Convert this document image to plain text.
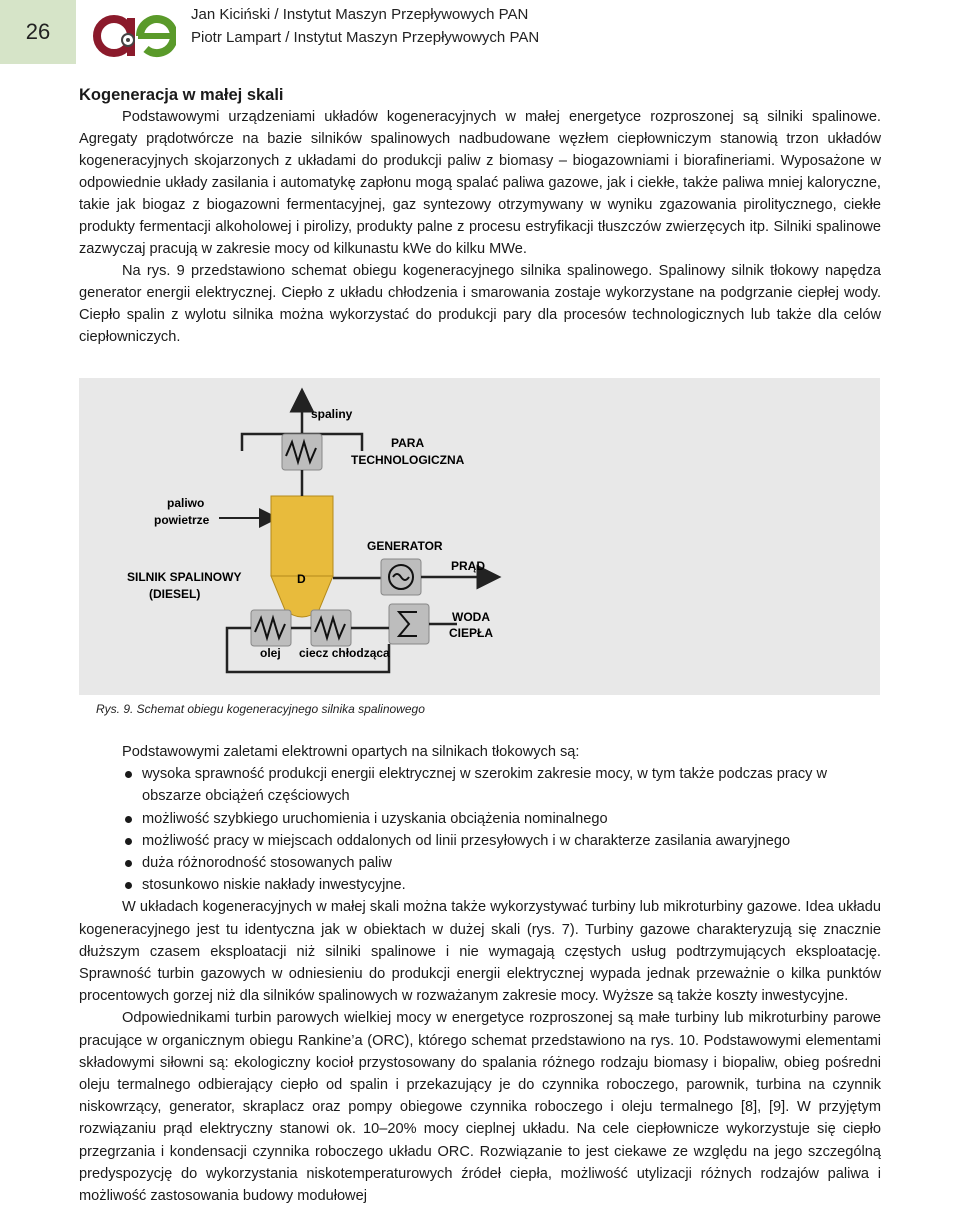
26
Jan Kiciński / Instytut Maszyn Przepływowych PAN
Piotr Lampart / Instytut Maszyn Przepływowych PAN
Kogeneracja w małej skali

Podstawowymi urządzeniami układów kogeneracyjnych w małej energetyce rozproszonej są silniki spalinowe. Agregaty prądotwórcze na bazie silników spalinowych nadbudowane węzłem ciepłowniczym stanowią trzon układów kogeneracyjnych skojarzonych z układami do produkcji paliw z biomasy – biogazowniami i biorafineriami. Wyposażone w odpowiednie układy zasilania i automatykę zapłonu mogą spalać paliwa gazowe, jak i ciekłe, także paliwa mniej kaloryczne, takie jak biogaz z biogazowni fermentacyjnej, gaz syntezowy otrzymywany w wyniku zgazowania pirolitycznego, ciekłe produkty fermentacji alkoholowej i pirolizy, produkty palne z procesu estryfikacji tłuszczów zwierzęcych itp. Silniki spalinowe zazwyczaj pracują w zakresie mocy od kilkunastu kWe do kilku MWe.

Na rys. 9 przedstawiono schemat obiegu kogeneracyjnego silnika spalinowego. Spalinowy silnik tłokowy napędza generator energii elektrycznej. Ciepło z układu chłodzenia i smarowania zostaje wykorzystane na podgrzanie ciepłej wody. Ciepło spalin z wylotu silnika można wykorzystać do produkcji pary dla procesów technologicznych lub także dla celów ciepłowniczych.

spaliny
PARA
TECHNOLOGICZNA
paliwo
powietrze
GENERATOR
PRĄD
SILNIK SPALINOWY
(DIESEL)
D
WODA
CIEPŁA
olej ciecz chłodząca
Rys. 9. Schemat obiegu kogeneracyjnego silnika spalinowego

Podstawowymi zaletami elektrowni opartych na silnikach tłokowych są:

wysoka sprawność produkcji energii elektrycznej w szerokim zakresie mocy, w tym także podczas pracy w obszarze obciążeń częściowych
możliwość szybkiego uruchomienia i uzyskania obciążenia nominalnego
możliwość pracy w miejscach oddalonych od linii przesyłowych i w charakterze zasilania awaryjnego
duża różnorodność stosowanych paliw
stosunkowo niskie nakłady inwestycyjne.

W układach kogeneracyjnych w małej skali można także wykorzystywać turbiny lub mikroturbiny gazowe. Idea układu kogeneracyjnego jest tu identyczna jak w obiektach w dużej skali (rys. 7). Turbiny gazowe charakteryzują się znacznie dłuższym czasem eksploatacji niż silniki spalinowe i nie wymagają częstych usług podtrzymujących eksploatację. Sprawność turbin gazowych w odniesieniu do produkcji energii elektrycznej wypada jednak przeważnie o kilka punktów procentowych gorzej niż dla silników spalinowych w rozważanym zakresie mocy. Wyższe są także koszty inwestycyjne.

Odpowiednikami turbin parowych wielkiej mocy w energetyce rozproszonej są małe turbiny lub mikroturbiny parowe pracujące w organicznym obiegu Rankine’a (ORC), którego schemat przedstawiono na rys. 10. Podstawowymi elementami składowymi siłowni są: ekologiczny kocioł przystosowany do spalania różnego rodzaju biomasy i biopaliw, obieg pośredni oleju termalnego odbierający ciepło od spalin i przekazujący je do czynnika roboczego, parownik, turbina na czynnik niskowrzący, generator, skraplacz oraz pompy obiegowe czynnika roboczego i oleju termalnego [8], [9]. W przyjętym rozwiązaniu prąd elektryczny stanowi ok. 10–20% mocy cieplnej układu. Na cele ciepłownicze wykorzystuje się ciepło przegrzania i kondensacji czynnika roboczego układu ORC. Rozwiązanie to jest ciekawe ze względu na jego szczególną predyspozycję do wykorzystania niskotemperaturowych źródeł ciepła, możliwość utylizacji różnych rodzajów paliwa i możliwość zastosowania budowy modułowej
